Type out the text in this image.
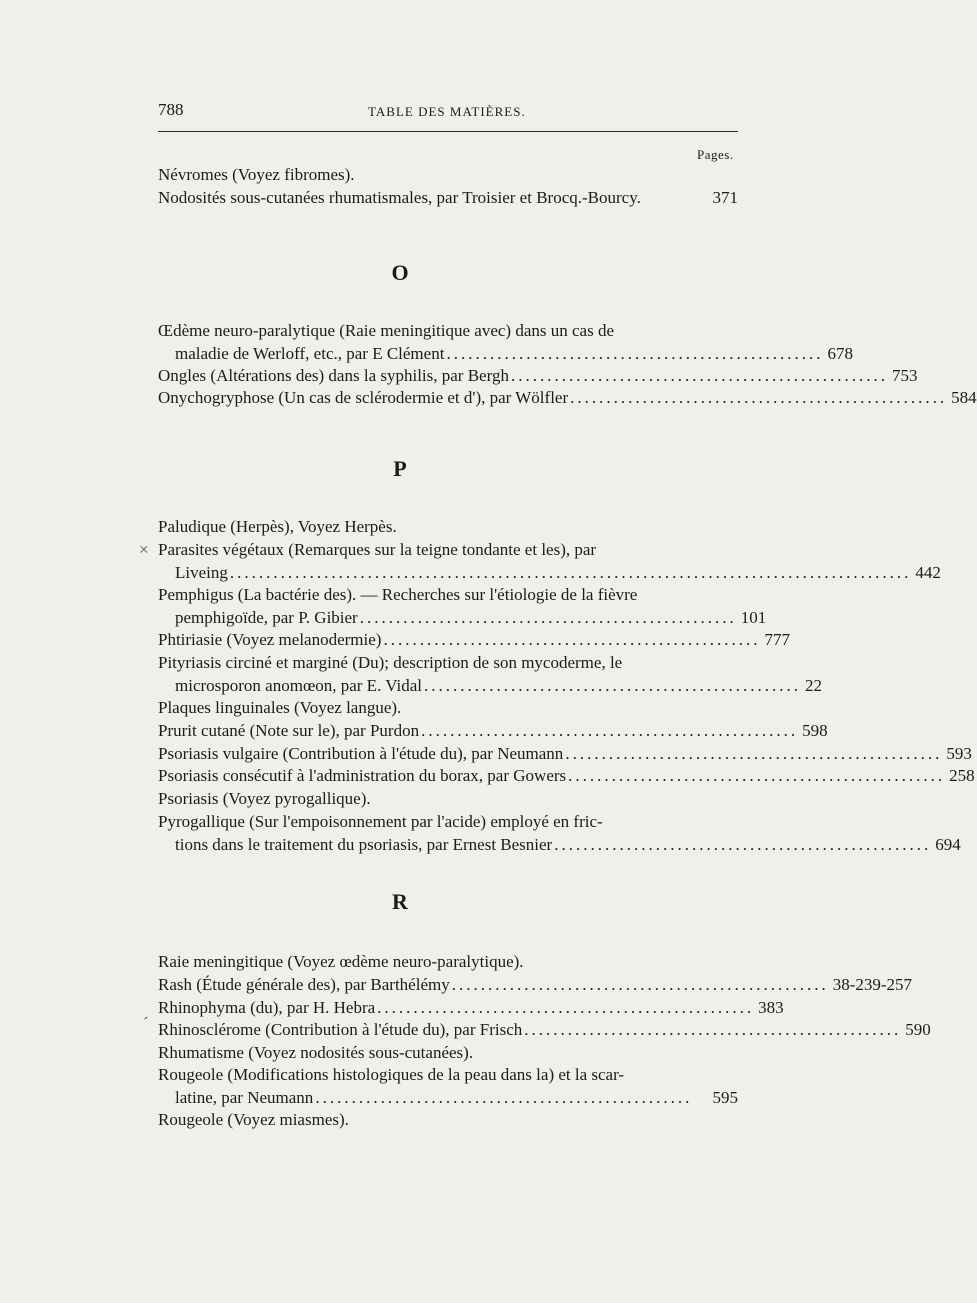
788	TABLE DES MATIÈRES.
Pages.
Névromes (Voyez fibromes).
Nodosités sous-cutanées rhumatismales, par Troisier et Brocq.-Bourcy.	371
O
Œdème neuro-paralytique (Raie meningitique avec) dans un cas de
maladie de Werloff, etc., par E Clément .................................................... 678
Ongles (Altérations des) dans la syphilis, par Bergh .................................................... 753
Onychogryphose (Un cas de sclérodermie et d'), par Wölfler .................................................... 584
P
Paludique (Herpès), Voyez Herpès.
× Parasites végétaux (Remarques sur la teigne tondante et les), par
Liveing .............................................................................................. 442
Pemphigus (La bactérie des). — Recherches sur l'étiologie de la fièvre
pemphigoïde, par P. Gibier .................................................... 101
Phtiriasie (Voyez melanodermie) .................................................... 777
Pityriasis circiné et marginé (Du); description de son mycoderme, le
microsporon anomœon, par E. Vidal .................................................... 22
Plaques linguinales (Voyez langue).
Prurit cutané (Note sur le), par Purdon .................................................... 598
Psoriasis vulgaire (Contribution à l'étude du), par Neumann .................................................... 593
Psoriasis consécutif à l'administration du borax, par Gowers .................................................... 258
Psoriasis (Voyez pyrogallique).
Pyrogallique (Sur l'empoisonnement par l'acide) employé en fric-
tions dans le traitement du psoriasis, par Ernest Besnier .................................................... 694
R
Raie meningitique (Voyez œdème neuro-paralytique).
Rash (Étude générale des), par Barthélémy .................................................... 38-239-257
Rhinophyma (du), par H. Hebra .................................................... 383
´ Rhinosclérome (Contribution à l'étude du), par Frisch .................................................... 590
Rhumatisme (Voyez nodosités sous-cutanées).
Rougeole (Modifications histologiques de la peau dans la) et la scar-
latine, par Neumann ....................................................	595
Rougeole (Voyez miasmes).
